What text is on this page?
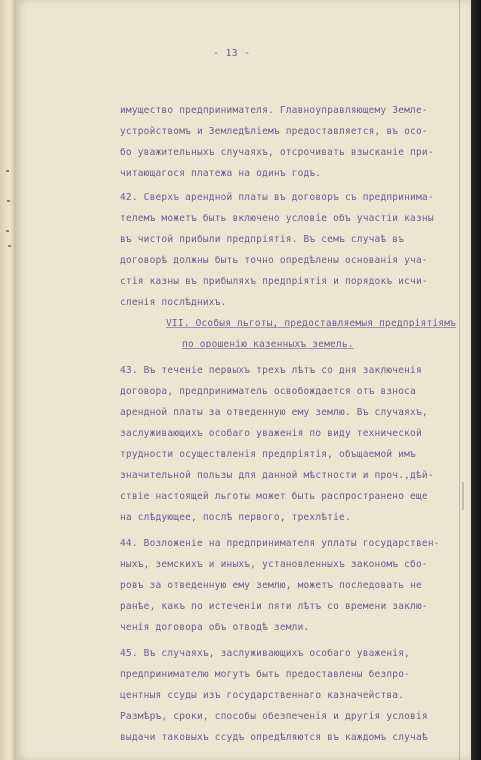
- 13 -
имущество предпринимателя. Главноуправляющему Земле-
устройствомъ и Земледѣлiемъ предоставляется, въ осо-
бо уважительныхъ случаяхъ, отсрочивать взысканiе при-
читающагося платежа на одинъ годъ.
42. Сверхъ арендной платы въ договоръ съ предпринима-
телемъ можетъ быть включено условiе объ участiи казны
въ чистой прибыли предпрiятiя. Въ семъ случаѣ въ
договорѣ должны быть точно опредѣлены основанiя уча-
стiя казны въ прибыляхъ предпрiятiя и порядокъ исчи-
сленiя послѣднихъ.
VII. Особыя льготы, предоставляемыя предпрiятiямъ
по орошенiю казенныхъ земель.
43. Въ теченiе первыхъ трехъ лѣтъ со дня заключенiя
договора, предприниматель освобождается отъ взноса
арендной платы за отведенную ему землю. Въ случаяхъ,
заслуживающихъ особаго уваженiя по виду технической
трудности осуществленiя предпрiятiя, объщаемой имъ
значительной пользы для данной мѣстности и проч.,дѣй-
ствiе настоящей льготы может быть распространено еще
на слѣдующее, послѣ первого, трехлѣтiе.
44. Возложенiе на предпринимателя уплаты государствен-
ныхъ, земскихъ и иныхъ, установленныхъ закономъ сбо-
ровъ за отведенную ему землю, можетъ последовать не
ранѣе, какъ по истеченiи пяти лѣтъ со времени заклю-
ченiя договора объ отводѣ земли.
45. Въ случаяхъ, заслуживающихъ особаго уваженiя,
предпринимателю могутъ быть предоставлены безпро-
центныя ссуды изъ государственнаго казначейства.
Размѣръ, сроки, способы обезпеченiя и другiя условiя
выдачи таковыхъ ссудъ опредѣляются въ каждомъ случаѣ
